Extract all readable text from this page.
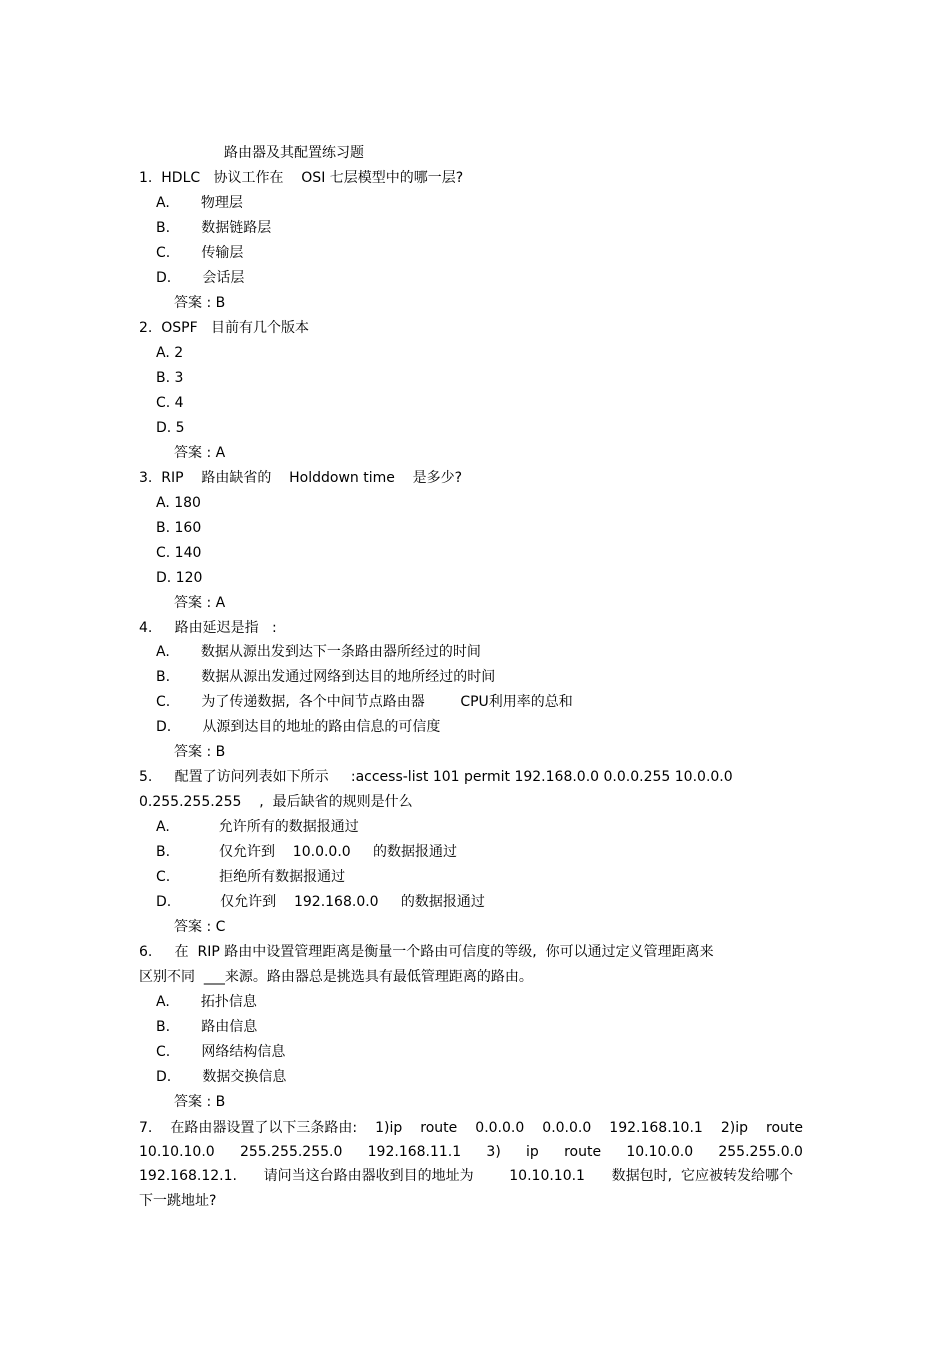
路由器及其配置练习题
1.  HDLC   协议工作在    OSI 七层模型中的哪一层?
A.       物理层
B.       数据链路层
C.       传输层
D.       会话层
答案 : B
2.  OSPF   目前有几个版本
A. 2
B. 3
C. 4
D. 5
答案 : A
3.  RIP    路由缺省的    Holddown time    是多少?
A. 180
B. 160
C. 140
D. 120
答案 : A
4.     路由延迟是指   :
A.       数据从源出发到达下一条路由器所经过的时间
B.       数据从源出发通过网络到达目的地所经过的时间
C.       为了传递数据,  各个中间节点路由器        CPU利用率的总和
D.       从源到达目的地址的路由信息的可信度
答案 : B
5.     配置了访问列表如下所示     :access-list 101 permit 192.168.0.0 0.0.0.255 10.0.0.0
0.255.255.255    ,  最后缺省的规则是什么
A.           允许所有的数据报通过
B.           仅允许到    10.0.0.0     的数据报通过
C.           拒绝所有数据报通过
D.           仅允许到    192.168.0.0     的数据报通过
答案 : C
6.     在  RIP 路由中设置管理距离是衡量一个路由可信度的等级,  你可以通过定义管理距离来
区别不同  ___来源。路由器总是挑选具有最低管理距离的路由。
A.       拓扑信息
B.       路由信息
C.       网络结构信息
D.       数据交换信息
答案 : B
7. 在路由器设置了以下三条路由: 1)ip route 0.0.0.0 0.0.0.0 192.168.10.1 2)ip route
10.10.10.0 255.255.255.0 192.168.11.1 3) ip route 10.10.0.0 255.255.0.0
192.168.12.1.      请问当这台路由器收到目的地址为        10.10.10.1      数据包时,  它应被转发给哪个
下一跳地址?
